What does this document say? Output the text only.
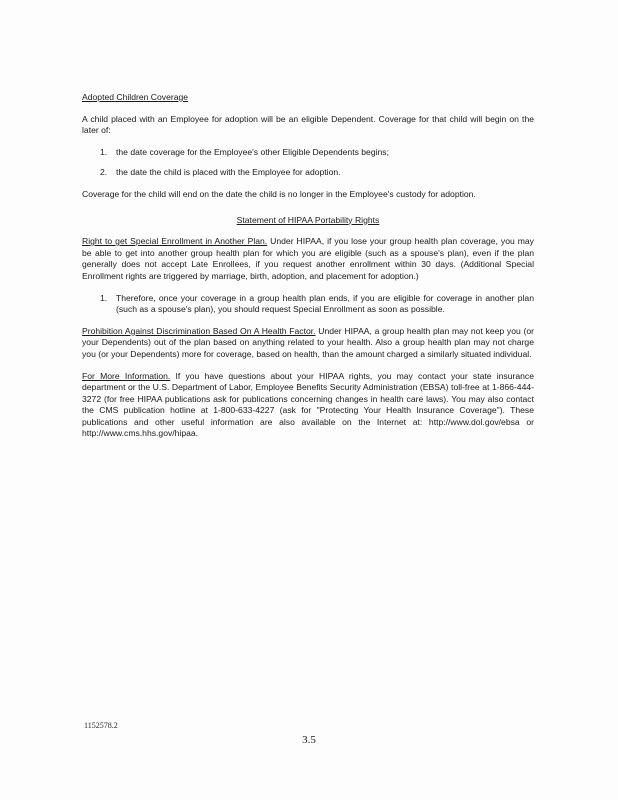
Adopted Children Coverage

A child placed with an Employee for adoption will be an eligible Dependent. Coverage for that child will begin on the later of:

1.	the date coverage for the Employee's other Eligible Dependents begins;
2.	the date the child is placed with the Employee for adoption.

Coverage for the child will end on the date the child is no longer in the Employee's custody for adoption.

Statement of HIPAA Portability Rights

Right to get Special Enrollment in Another Plan. Under HIPAA, if you lose your group health plan coverage, you may be able to get into another group health plan for which you are eligible (such as a spouse's plan), even if the plan generally does not accept Late Enrollees, if you request another enrollment within 30 days. (Additional Special Enrollment rights are triggered by marriage, birth, adoption, and placement for adoption.)

1.	Therefore, once your coverage in a group health plan ends, if you are eligible for coverage in another plan (such as a spouse's plan), you should request Special Enrollment as soon as possible.

Prohibition Against Discrimination Based On A Health Factor. Under HIPAA, a group health plan may not keep you (or your Dependents) out of the plan based on anything related to your health. Also a group health plan may not charge you (or your Dependents) more for coverage, based on health, than the amount charged a similarly situated individual.

For More Information. If you have questions about your HIPAA rights, you may contact your state insurance department or the U.S. Department of Labor, Employee Benefits Security Administration (EBSA) toll-free at 1-866-444-3272 (for free HIPAA publications ask for publications concerning changes in health care laws). You may also contact the CMS publication hotline at 1-800-633-4227 (ask for "Protecting Your Health Insurance Coverage"). These publications and other useful information are also available on the Internet at: http://www.dol.gov/ebsa or http://www.cms.hhs.gov/hipaa.

1152578.2
3.5
